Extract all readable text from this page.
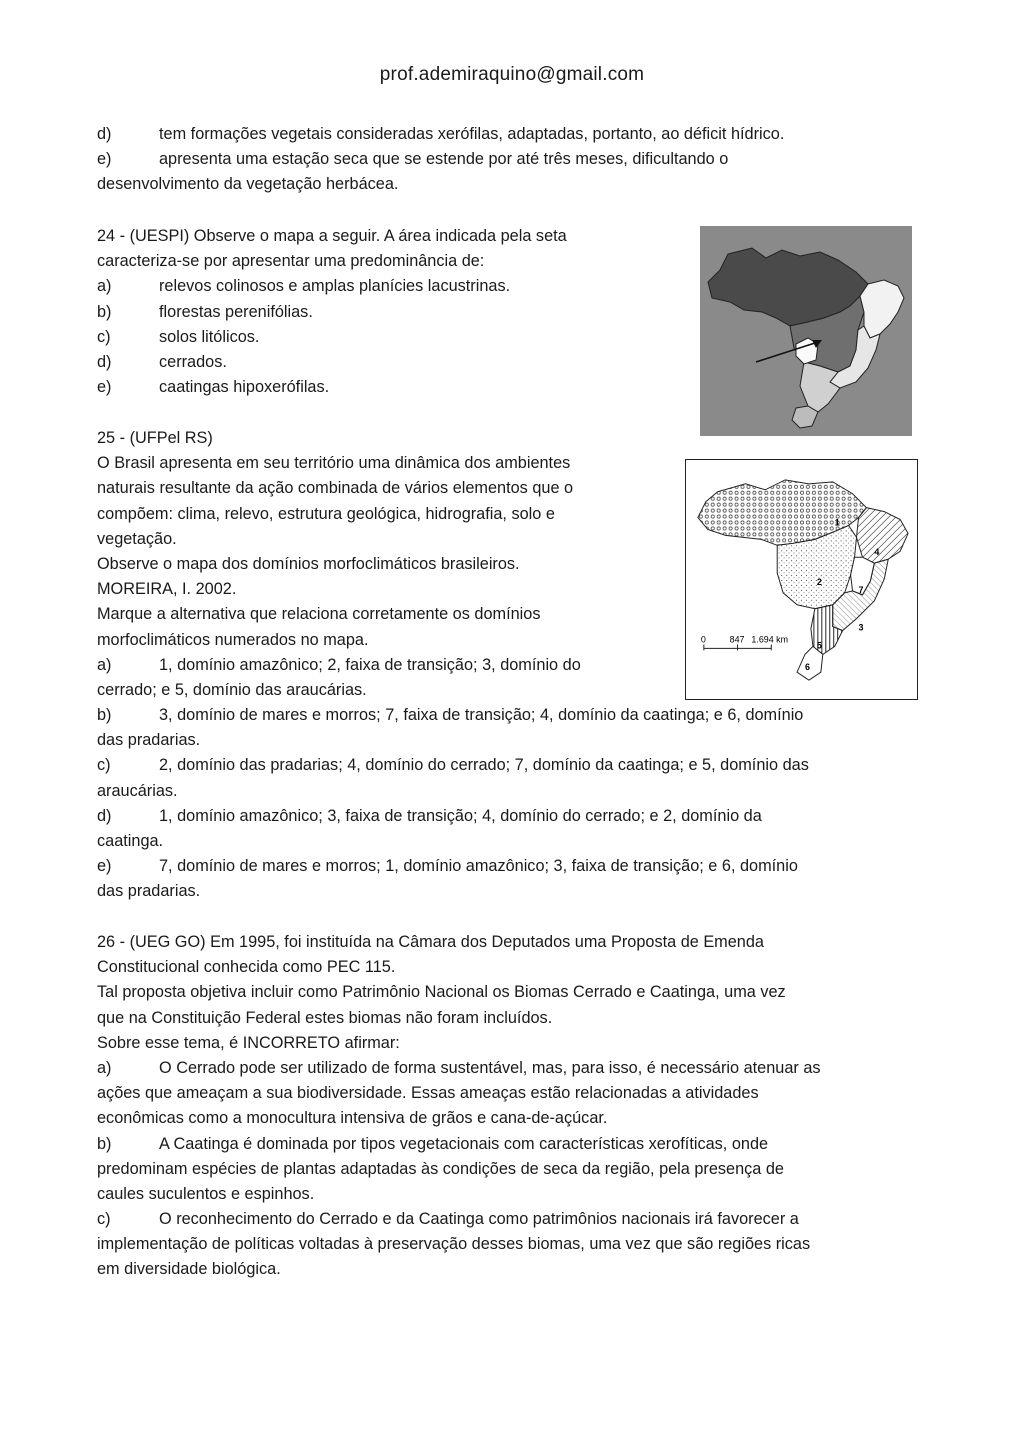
prof.ademiraquino@gmail.com
d)	tem formações vegetais consideradas xerófilas, adaptadas, portanto, ao déficit hídrico.
e)	apresenta uma estação seca que se estende por até três meses, dificultando o
desenvolvimento da vegetação herbácea.
24 - (UESPI) Observe o mapa a seguir. A área indicada pela seta
caracteriza-se por apresentar uma predominância de:
a)	relevos colinosos e amplas planícies lacustrinas.
b)	florestas perenifólias.
c)	solos litólicos.
d)	cerrados.
e)	caatingas hipoxerófilas.
25 - (UFPel RS)
O Brasil apresenta em seu território uma dinâmica dos ambientes
naturais resultante da ação combinada de vários elementos que o
compõem: clima, relevo, estrutura geológica, hidrografia, solo e
vegetação.
Observe o mapa dos domínios morfoclimáticos brasileiros.
MOREIRA, I. 2002.
Marque a alternativa que relaciona corretamente os domínios
morfoclimáticos numerados no mapa.
a)	1, domínio amazônico; 2, faixa de transição; 3, domínio do
cerrado; e 5, domínio das araucárias.
b)	3, domínio de mares e morros; 7, faixa de transição; 4, domínio da caatinga; e 6, domínio
das pradarias.
c)	2, domínio das pradarias; 4, domínio do cerrado; 7, domínio da caatinga; e 5, domínio das
araucárias.
d)	1, domínio amazônico; 3, faixa de transição; 4, domínio do cerrado; e 2, domínio da
caatinga.
e)	7, domínio de mares e morros; 1, domínio amazônico; 3, faixa de transição; e 6, domínio
das pradarias.
1
2
3
4
5
6
7
0	847 1.694 km
26 - (UEG GO) Em 1995, foi instituída na Câmara dos Deputados uma Proposta de Emenda
Constitucional conhecida como PEC 115.
Tal proposta objetiva incluir como Patrimônio Nacional os Biomas Cerrado e Caatinga, uma vez
que na Constituição Federal estes biomas não foram incluídos.
Sobre esse tema, é INCORRETO afirmar:
a)	O Cerrado pode ser utilizado de forma sustentável, mas, para isso, é necessário atenuar as
ações que ameaçam a sua biodiversidade. Essas ameaças estão relacionadas a atividades
econômicas como a monocultura intensiva de grãos e cana-de-açúcar.
b)	A Caatinga é dominada por tipos vegetacionais com características xerofíticas, onde
predominam espécies de plantas adaptadas às condições de seca da região, pela presença de
caules suculentos e espinhos.
c)	O reconhecimento do Cerrado e da Caatinga como patrimônios nacionais irá favorecer a
implementação de políticas voltadas à preservação desses biomas, uma vez que são regiões ricas
em diversidade biológica.
